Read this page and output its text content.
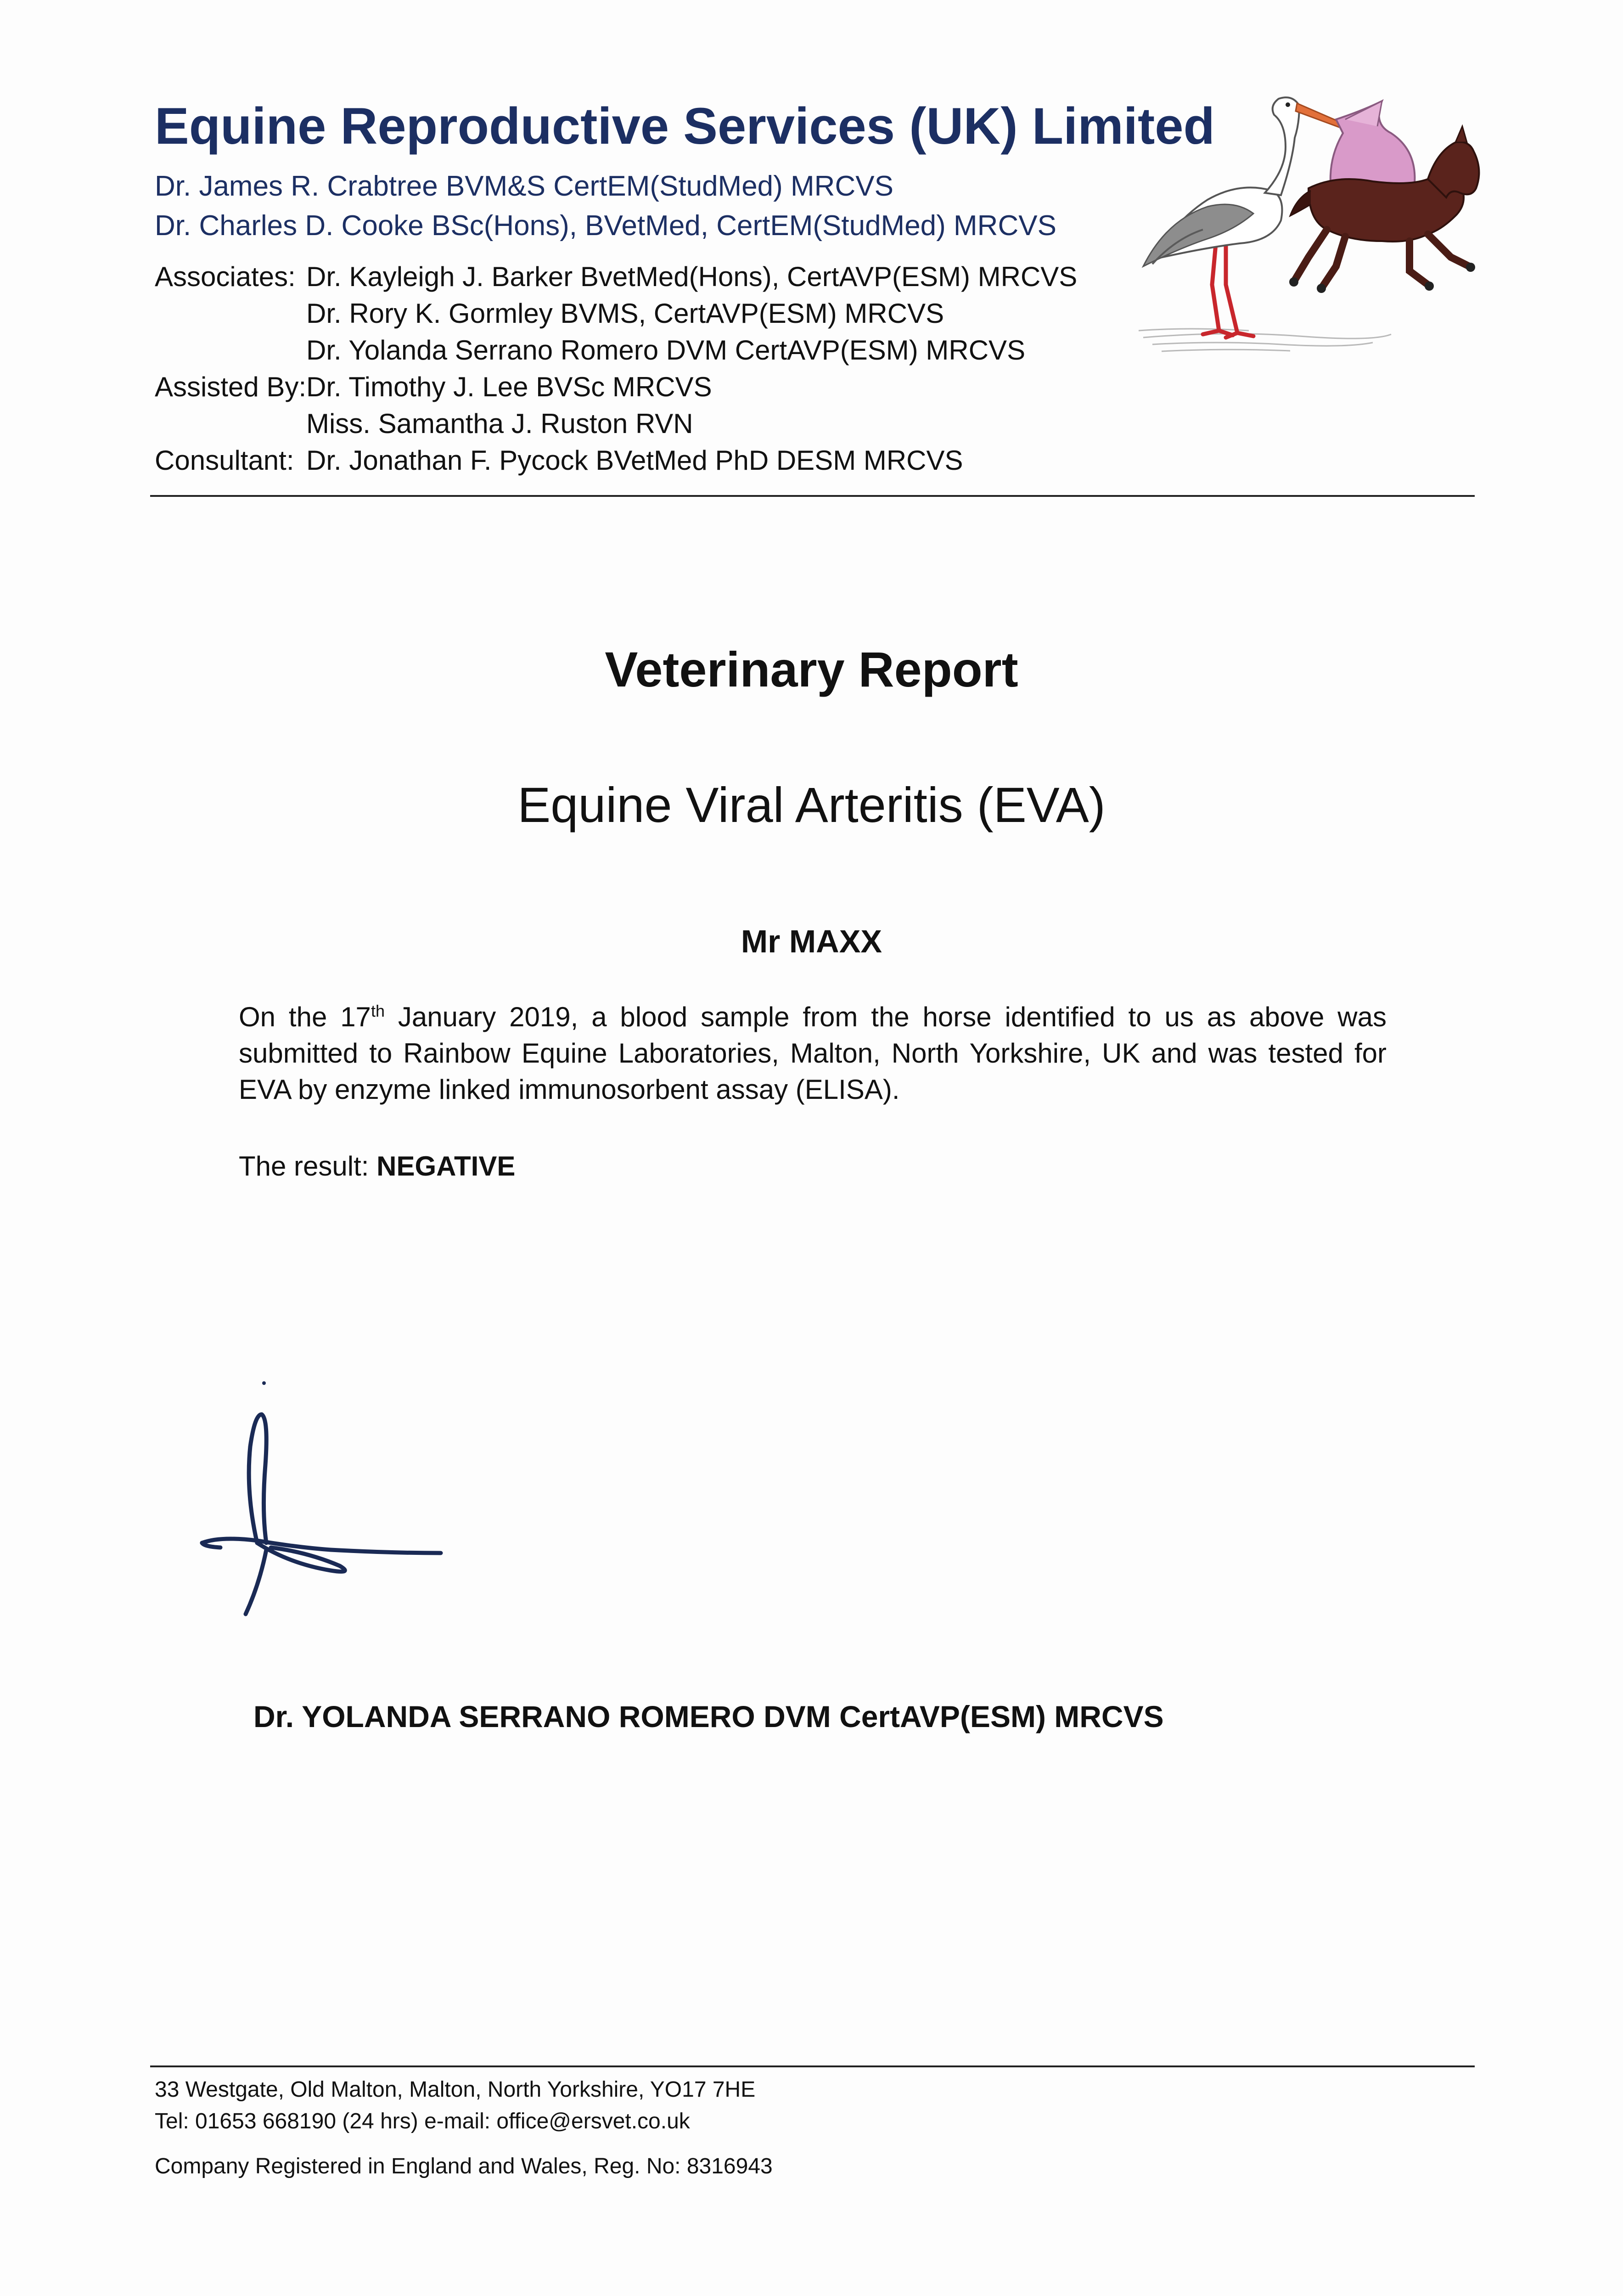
Equine Reproductive Services (UK) Limited
Dr. James R. Crabtree BVM&S CertEM(StudMed) MRCVS
Dr. Charles D. Cooke BSc(Hons), BVetMed, CertEM(StudMed) MRCVS
Associates: Dr. Kayleigh J. Barker BvetMed(Hons), CertAVP(ESM) MRCVS
Dr. Rory K. Gormley BVMS, CertAVP(ESM) MRCVS
Dr. Yolanda Serrano Romero DVM CertAVP(ESM) MRCVS
Assisted By: Dr. Timothy J. Lee BVSc MRCVS
Miss. Samantha J. Ruston RVN
Consultant: Dr. Jonathan F. Pycock BVetMed PhD DESM MRCVS
Veterinary Report
Equine Viral Arteritis (EVA)
Mr MAXX
On the 17th January 2019, a blood sample from the horse identified to us as above was submitted to Rainbow Equine Laboratories, Malton, North Yorkshire, UK and was tested for EVA by enzyme linked immunosorbent assay (ELISA).
The result: NEGATIVE
Dr. YOLANDA SERRANO ROMERO DVM CertAVP(ESM) MRCVS
33 Westgate, Old Malton, Malton, North Yorkshire, YO17 7HE
Tel: 01653 668190 (24 hrs) e-mail: office@ersvet.co.uk
Company Registered in England and Wales, Reg. No: 8316943
